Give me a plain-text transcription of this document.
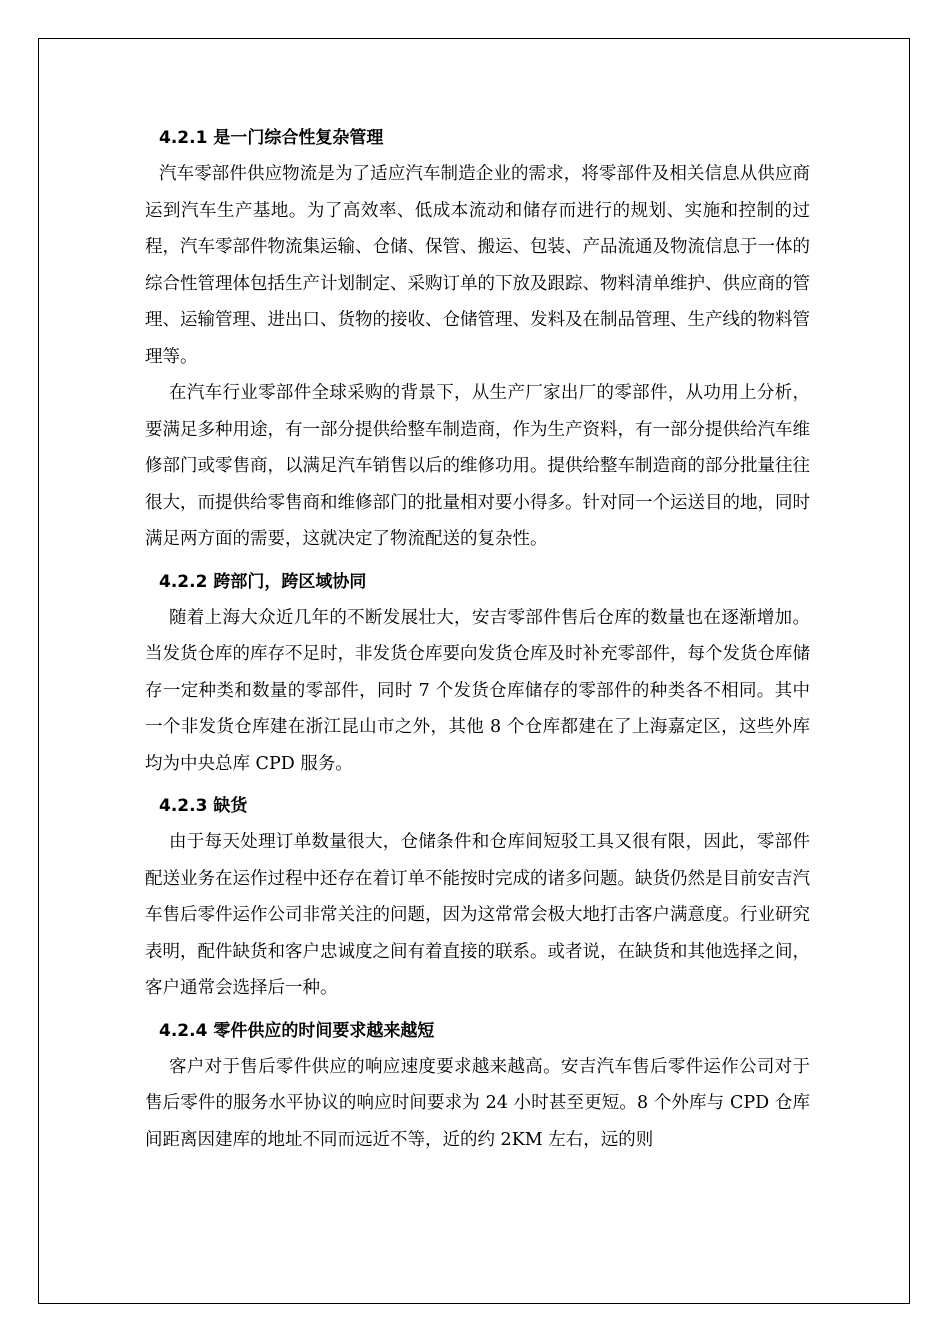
4.2.1 是一门综合性复杂管理

汽车零部件供应物流是为了适应汽车制造企业的需求，将零部件及相关信息从供应商运到汽车生产基地。为了高效率、低成本流动和储存而进行的规划、实施和控制的过程，汽车零部件物流集运输、仓储、保管、搬运、包装、产品流通及物流信息于一体的综合性管理体包括生产计划制定、采购订单的下放及跟踪、物料清单维护、供应商的管理、运输管理、进出口、货物的接收、仓储管理、发料及在制品管理、生产线的物料管理等。

在汽车行业零部件全球采购的背景下，从生产厂家出厂的零部件，从功用上分析，要满足多种用途，有一部分提供给整车制造商，作为生产资料，有一部分提供给汽车维修部门或零售商，以满足汽车销售以后的维修功用。提供给整车制造商的部分批量往往很大，而提供给零售商和维修部门的批量相对要小得多。针对同一个运送目的地，同时满足两方面的需要，这就决定了物流配送的复杂性。

4.2.2 跨部门，跨区域协同

随着上海大众近几年的不断发展壮大，安吉零部件售后仓库的数量也在逐渐增加。当发货仓库的库存不足时，非发货仓库要向发货仓库及时补充零部件，每个发货仓库储存一定种类和数量的零部件，同时 7 个发货仓库储存的零部件的种类各不相同。其中一个非发货仓库建在浙江昆山市之外，其他 8 个仓库都建在了上海嘉定区，这些外库均为中央总库 CPD 服务。

4.2.3 缺货

由于每天处理订单数量很大，仓储条件和仓库间短驳工具又很有限，因此，零部件配送业务在运作过程中还存在着订单不能按时完成的诸多问题。缺货仍然是目前安吉汽车售后零件运作公司非常关注的问题，因为这常常会极大地打击客户满意度。行业研究表明，配件缺货和客户忠诚度之间有着直接的联系。或者说，在缺货和其他选择之间，客户通常会选择后一种。

4.2.4 零件供应的时间要求越来越短

客户对于售后零件供应的响应速度要求越来越高。安吉汽车售后零件运作公司对于售后零件的服务水平协议的响应时间要求为 24 小时甚至更短。8 个外库与 CPD 仓库间距离因建库的地址不同而远近不等，近的约 2KM 左右，远的则
